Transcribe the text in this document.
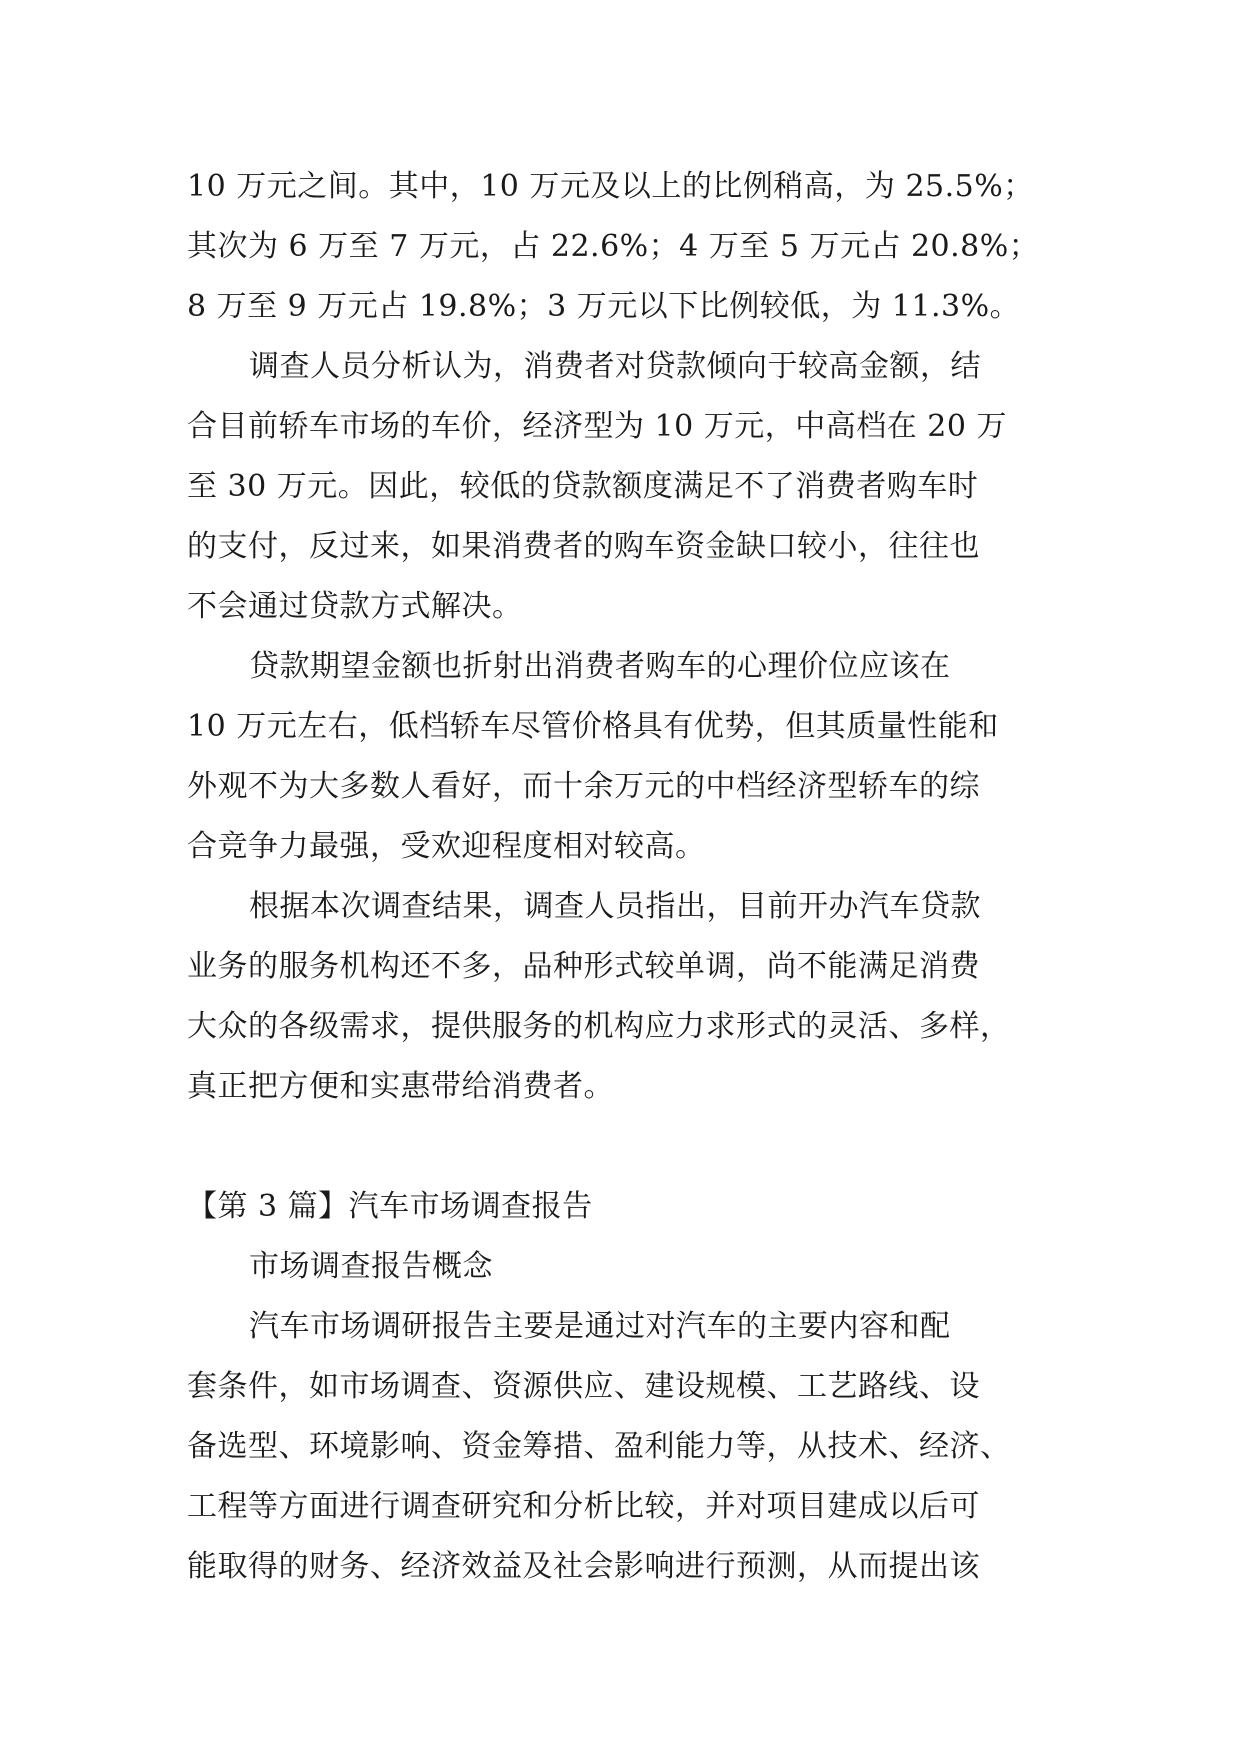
10 万元之间。其中，10 万元及以上的比例稍高，为 25.5%；
其次为 6 万至 7 万元，占 22.6%；4 万至 5 万元占 20.8%；
8 万至 9 万元占 19.8%；3 万元以下比例较低，为 11.3%。
调查人员分析认为，消费者对贷款倾向于较高金额，结
合目前轿车市场的车价，经济型为 10 万元，中高档在 20 万
至 30 万元。因此，较低的贷款额度满足不了消费者购车时
的支付，反过来，如果消费者的购车资金缺口较小，往往也
不会通过贷款方式解决。
贷款期望金额也折射出消费者购车的心理价位应该在
10 万元左右，低档轿车尽管价格具有优势，但其质量性能和
外观不为大多数人看好，而十余万元的中档经济型轿车的综
合竞争力最强，受欢迎程度相对较高。
根据本次调查结果，调查人员指出，目前开办汽车贷款
业务的服务机构还不多，品种形式较单调，尚不能满足消费
大众的各级需求，提供服务的机构应力求形式的灵活、多样，
真正把方便和实惠带给消费者。
【第 3 篇】汽车市场调查报告
市场调查报告概念
汽车市场调研报告主要是通过对汽车的主要内容和配
套条件，如市场调查、资源供应、建设规模、工艺路线、设
备选型、环境影响、资金筹措、盈利能力等，从技术、经济、
工程等方面进行调查研究和分析比较，并对项目建成以后可
能取得的财务、经济效益及社会影响进行预测，从而提出该
